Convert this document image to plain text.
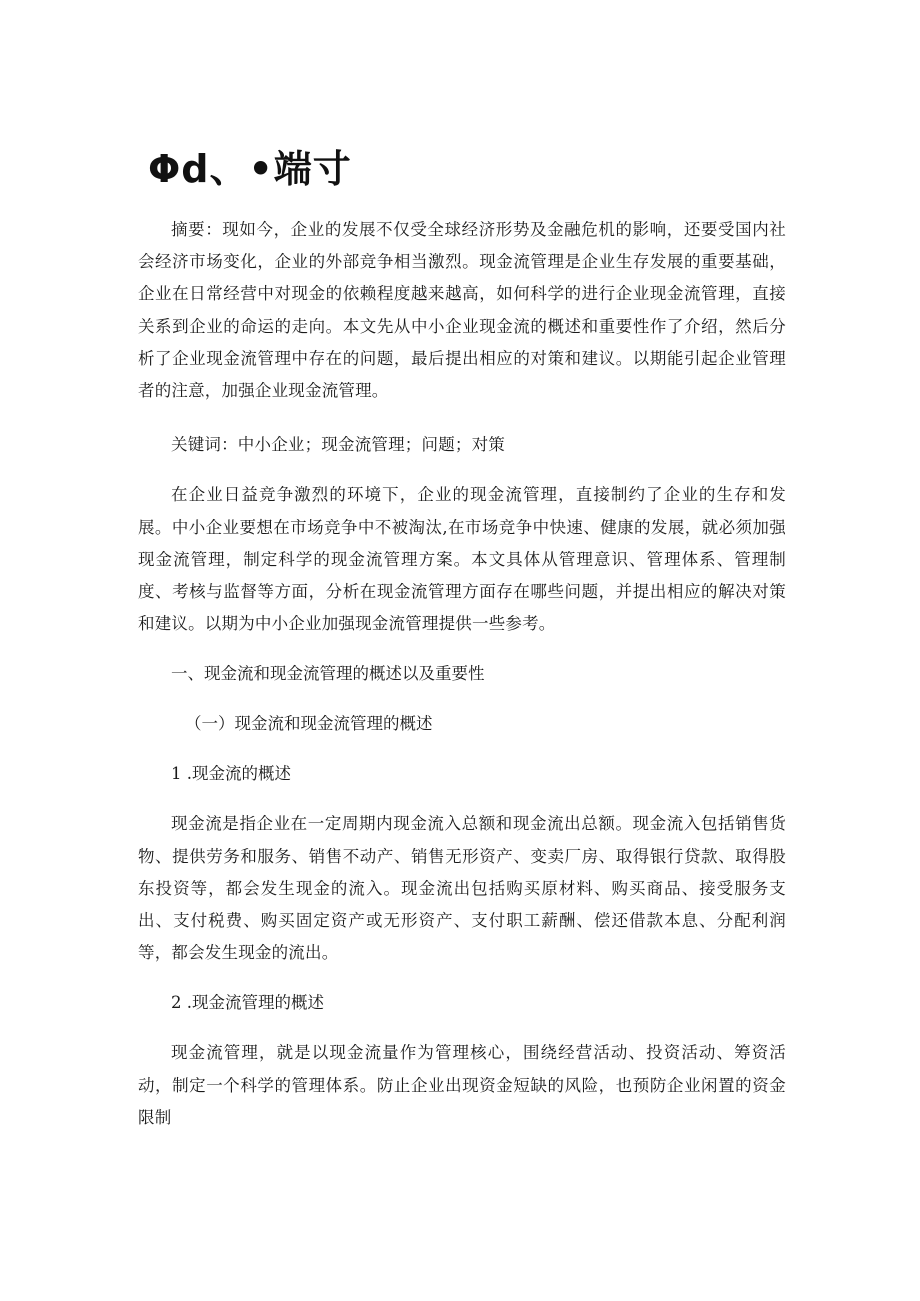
Φd、•端寸

摘要：现如今，企业的发展不仅受全球经济形势及金融危机的影响，还要受国内社会经济市场变化，企业的外部竞争相当激烈。现金流管理是企业生存发展的重要基础，企业在日常经营中对现金的依赖程度越来越高，如何科学的进行企业现金流管理，直接关系到企业的命运的走向。本文先从中小企业现金流的概述和重要性作了介绍，然后分析了企业现金流管理中存在的问题，最后提出相应的对策和建议。以期能引起企业管理者的注意，加强企业现金流管理。

关键词：中小企业；现金流管理；问题；对策

在企业日益竞争激烈的环境下，企业的现金流管理，直接制约了企业的生存和发展。中小企业要想在市场竞争中不被淘汰,在市场竞争中快速、健康的发展，就必须加强现金流管理，制定科学的现金流管理方案。本文具体从管理意识、管理体系、管理制度、考核与监督等方面，分析在现金流管理方面存在哪些问题，并提出相应的解决对策和建议。以期为中小企业加强现金流管理提供一些参考。

一、现金流和现金流管理的概述以及重要性

（一）现金流和现金流管理的概述

1 .现金流的概述

现金流是指企业在一定周期内现金流入总额和现金流出总额。现金流入包括销售货物、提供劳务和服务、销售不动产、销售无形资产、变卖厂房、取得银行贷款、取得股东投资等，都会发生现金的流入。现金流出包括购买原材料、购买商品、接受服务支出、支付税费、购买固定资产或无形资产、支付职工薪酬、偿还借款本息、分配利润等，都会发生现金的流出。

2 .现金流管理的概述

现金流管理，就是以现金流量作为管理核心，围绕经营活动、投资活动、筹资活动，制定一个科学的管理体系。防止企业出现资金短缺的风险，也预防企业闲置的资金限制
